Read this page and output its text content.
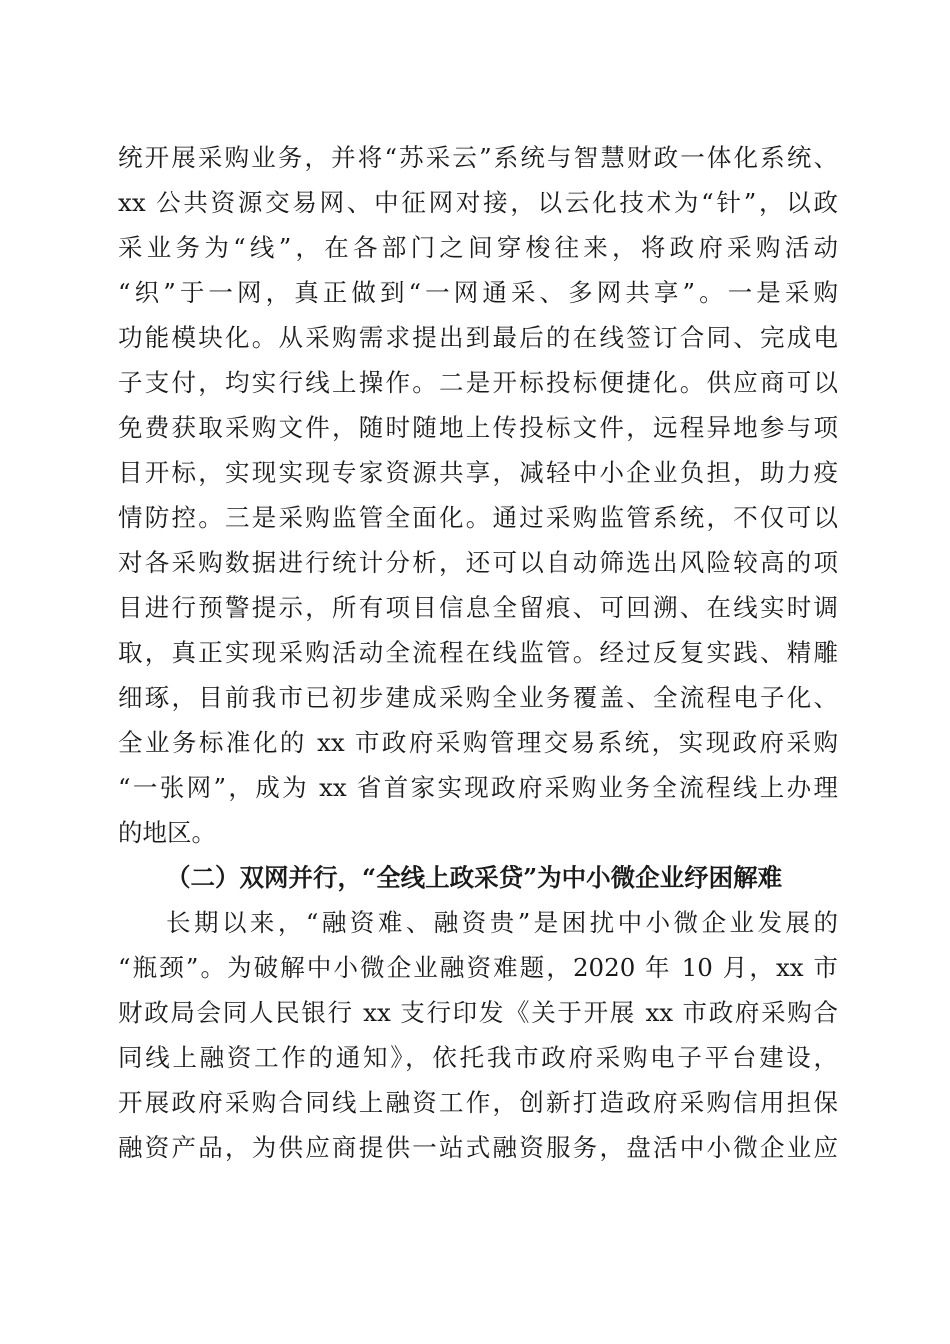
统开展采购业务，并将“苏采云”系统与智慧财政一体化系统、
xx 公共资源交易网、中征网对接，以云化技术为“针”，以政
采业务为“线”，在各部门之间穿梭往来，将政府采购活动
“织”于一网，真正做到“一网通采、多网共享”。一是采购
功能模块化。从采购需求提出到最后的在线签订合同、完成电
子支付，均实行线上操作。二是开标投标便捷化。供应商可以
免费获取采购文件，随时随地上传投标文件，远程异地参与项
目开标，实现实现专家资源共享，减轻中小企业负担，助力疫
情防控。三是采购监管全面化。通过采购监管系统，不仅可以
对各采购数据进行统计分析，还可以自动筛选出风险较高的项
目进行预警提示，所有项目信息全留痕、可回溯、在线实时调
取，真正实现采购活动全流程在线监管。经过反复实践、精雕
细琢，目前我市已初步建成采购全业务覆盖、全流程电子化、
全业务标准化的 xx 市政府采购管理交易系统，实现政府采购
“一张网”，成为 xx 省首家实现政府采购业务全流程线上办理
的地区。
（二）双网并行，“全线上政采贷”为中小微企业纾困解难
长期以来，“融资难、融资贵”是困扰中小微企业发展的
“瓶颈”。为破解中小微企业融资难题，2020 年 10 月，xx 市
财政局会同人民银行 xx 支行印发《关于开展 xx 市政府采购合
同线上融资工作的通知》，依托我市政府采购电子平台建设，
开展政府采购合同线上融资工作，创新打造政府采购信用担保
融资产品，为供应商提供一站式融资服务，盘活中小微企业应
